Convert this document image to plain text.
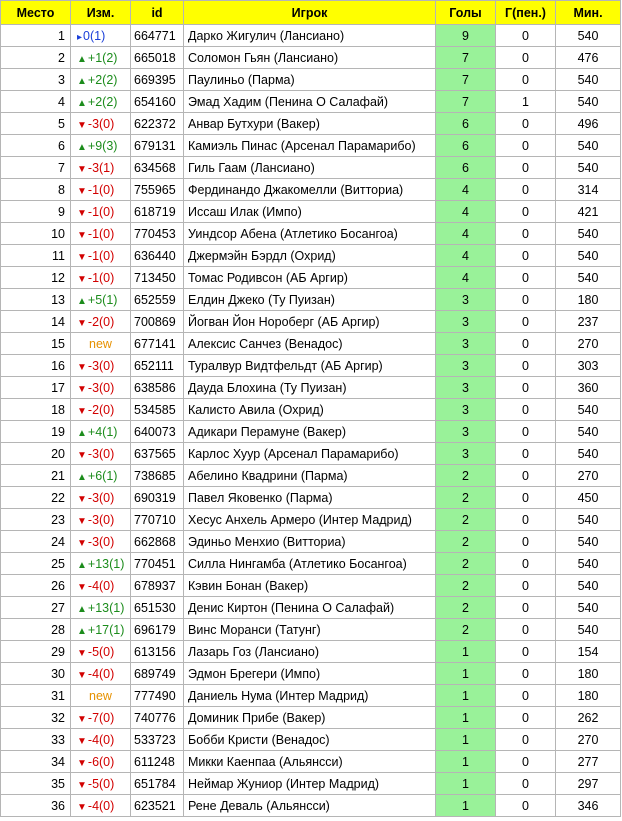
Место	Изм.	id	Игрок	Голы	Г(пен.)	Мин.
1	▸0(1)	664771	Дарко Жигулич (Лансиано)	9	0	540
2	▲+1(2)	665018	Соломон Гьян (Лансиано)	7	0	476
3	▲+2(2)	669395	Паулиньо (Парма)	7	0	540
4	▲+2(2)	654160	Эмад Хадим (Пенина О Салафай)	7	1	540
5	▼-3(0)	622372	Анвар Бутхури (Вакер)	6	0	496
6	▲+9(3)	679131	Камиэль Пинас (Арсенал Парамарибо)	6	0	540
7	▼-3(1)	634568	Гиль Гаам (Лансиано)	6	0	540
8	▼-1(0)	755965	Фердинандо Джакомелли (Витториа)	4	0	314
9	▼-1(0)	618719	Иссаш Илак (Импо)	4	0	421
10	▼-1(0)	770453	Уиндсор Абена (Атлетико Босангоа)	4	0	540
11	▼-1(0)	636440	Джермэйн Бэрдл (Охрид)	4	0	540
12	▼-1(0)	713450	Томас Родивсон (АБ Аргир)	4	0	540
13	▲+5(1)	652559	Елдин Джеко (Ту Пуизан)	3	0	180
14	▼-2(0)	700869	Йогван Йон Нороберг (АБ Аргир)	3	0	237
15	new	677141	Алексис Санчез (Венадос)	3	0	270
16	▼-3(0)	652111	Туралвур Видтфельдт (АБ Аргир)	3	0	303
17	▼-3(0)	638586	Дауда Блохина (Ту Пуизан)	3	0	360
18	▼-2(0)	534585	Калисто Авила (Охрид)	3	0	540
19	▲+4(1)	640073	Адикари Перамуне (Вакер)	3	0	540
20	▼-3(0)	637565	Карлос Хуур (Арсенал Парамарибо)	3	0	540
21	▲+6(1)	738685	Абелино Квадрини (Парма)	2	0	270
22	▼-3(0)	690319	Павел Яковенко (Парма)	2	0	450
23	▼-3(0)	770710	Хесус Анхель Армеро (Интер Мадрид)	2	0	540
24	▼-3(0)	662868	Эдиньо Менхио (Витториа)	2	0	540
25	▲+13(1)	770451	Силла Нингамба (Атлетико Босангоа)	2	0	540
26	▼-4(0)	678937	Кэвин Бонан (Вакер)	2	0	540
27	▲+13(1)	651530	Денис Киртон (Пенина О Салафай)	2	0	540
28	▲+17(1)	696179	Винс Моранси (Татунг)	2	0	540
29	▼-5(0)	613156	Лазарь Гоз (Лансиано)	1	0	154
30	▼-4(0)	689749	Эдмон Брегери (Импо)	1	0	180
31	new	777490	Даниель Нума (Интер Мадрид)	1	0	180
32	▼-7(0)	740776	Доминик Прибе (Вакер)	1	0	262
33	▼-4(0)	533723	Бобби Кристи (Венадос)	1	0	270
34	▼-6(0)	611248	Микки Каенпаа (Альянсси)	1	0	277
35	▼-5(0)	651784	Неймар Жуниор (Интер Мадрид)	1	0	297
36	▼-4(0)	623521	Рене Деваль (Альянсси)	1	0	346
